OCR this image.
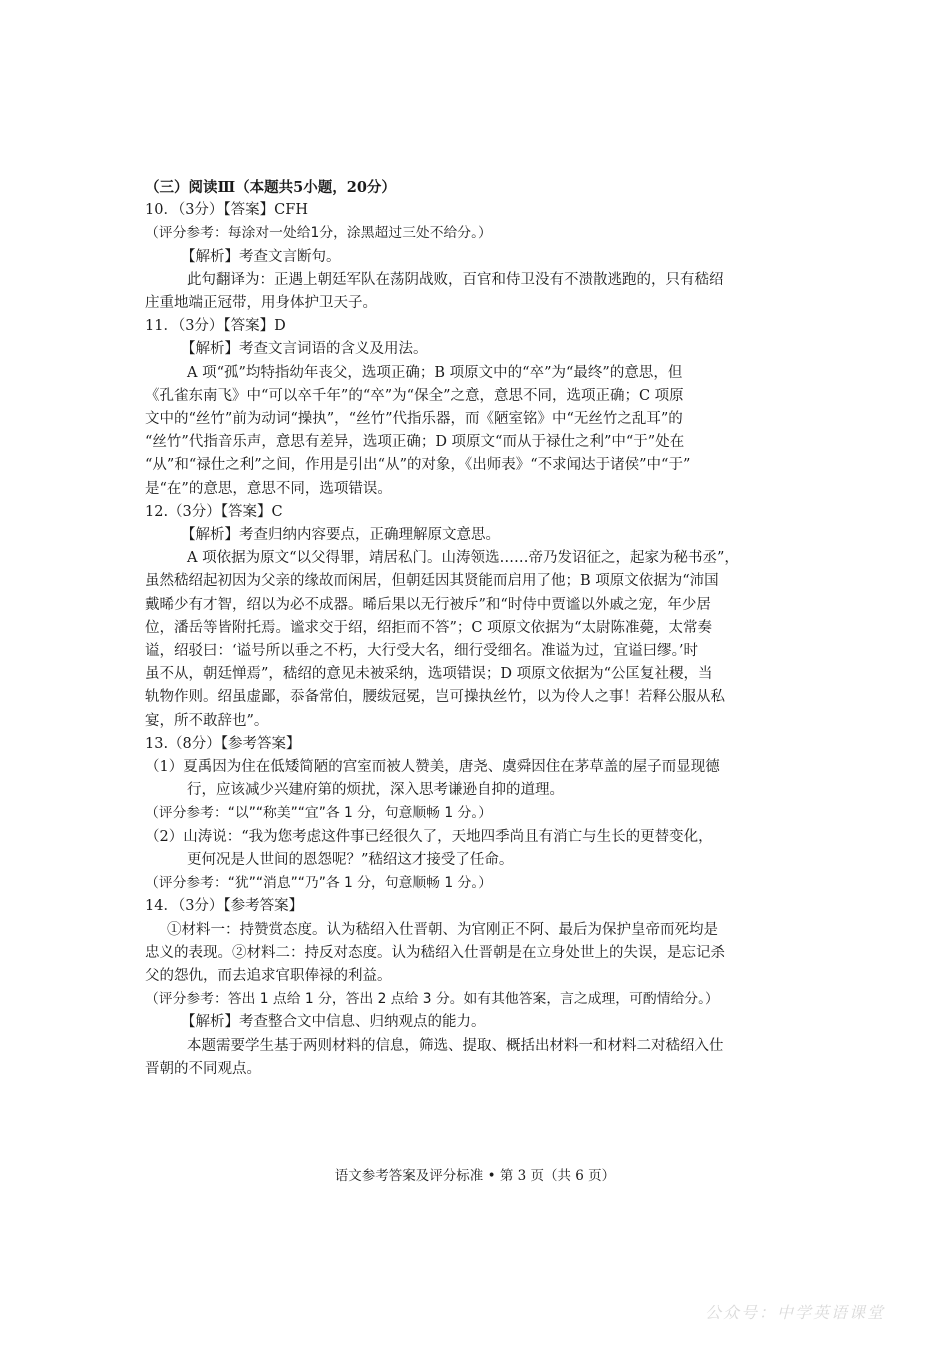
（三）阅读Ⅲ（本题共5小题，20分）
10．（3分）【答案】CFH
（评分参考：每涂对一处给1分，涂黑超过三处不给分。）
【解析】考查文言断句。
此句翻译为：正遇上朝廷军队在荡阴战败，百官和侍卫没有不溃散逃跑的，只有嵇绍
庄重地端正冠带，用身体护卫天子。
11．（3分）【答案】D
【解析】考查文言词语的含义及用法。
A 项“孤”均特指幼年丧父，选项正确；B 项原文中的“卒”为“最终”的意思，但
《孔雀东南飞》中“可以卒千年”的“卒”为“保全”之意，意思不同，选项正确；C 项原
文中的“丝竹”前为动词“操执”，“丝竹”代指乐器，而《陋室铭》中“无丝竹之乱耳”的
“丝竹”代指音乐声，意思有差异，选项正确；D 项原文“而从于禄仕之利”中“于”处在
“从”和“禄仕之利”之间，作用是引出“从”的对象，《出师表》“不求闻达于诸侯”中“于”
是“在”的意思，意思不同，选项错误。
12.（3分）【答案】C
【解析】考查归纳内容要点，正确理解原文意思。
A 项依据为原文“以父得罪，靖居私门。山涛领选……帝乃发诏征之，起家为秘书丞”，
虽然嵇绍起初因为父亲的缘故而闲居，但朝廷因其贤能而启用了他；B 项原文依据为“沛国
戴晞少有才智，绍以为必不成器。晞后果以无行被斥”和“时侍中贾谧以外戚之宠，年少居
位，潘岳等皆附托焉。谧求交于绍，绍拒而不答”；C 项原文依据为“太尉陈准薨，太常奏
谥，绍驳曰：‘谥号所以垂之不朽，大行受大名，细行受细名。准谥为过，宜谥曰缪。’时
虽不从，朝廷惮焉”，嵇绍的意见未被采纳，选项错误；D 项原文依据为“公匡复社稷，当
轨物作则。绍虽虚鄙，忝备常伯，腰绂冠冕，岂可操执丝竹，以为伶人之事！若释公服从私
宴，所不敢辞也”。
13.（8分）【参考答案】
（1）夏禹因为住在低矮简陋的宫室而被人赞美，唐尧、虞舜因住在茅草盖的屋子而显现德
行，应该减少兴建府第的烦扰，深入思考谦逊自抑的道理。
（评分参考：“以”“称美”“宜”各 1 分，句意顺畅 1 分。）
（2）山涛说：“我为您考虑这件事已经很久了，天地四季尚且有消亡与生长的更替变化，
更何况是人世间的恩怨呢？”嵇绍这才接受了任命。
（评分参考：“犹”“消息”“乃”各 1 分，句意顺畅 1 分。）
14．（3分）【参考答案】
①材料一：持赞赏态度。认为嵇绍入仕晋朝、为官刚正不阿、最后为保护皇帝而死均是
忠义的表现。②材料二：持反对态度。认为嵇绍入仕晋朝是在立身处世上的失误，是忘记杀
父的怨仇，而去追求官职俸禄的利益。
（评分参考：答出 1 点给 1 分，答出 2 点给 3 分。如有其他答案，言之成理，可酌情给分。）
【解析】考查整合文中信息、归纳观点的能力。
本题需要学生基于两则材料的信息，筛选、提取、概括出材料一和材料二对嵇绍入仕
晋朝的不同观点。
语文参考答案及评分标准 • 第 3 页（共 6 页）
公众号：中学英语课堂
